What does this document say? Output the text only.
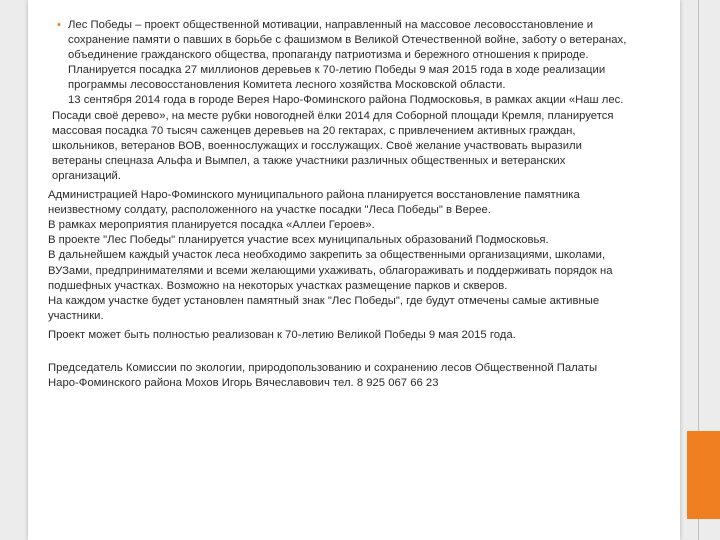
• Лес Победы – проект общественной мотивации, направленный на массовое лесовосстановление и сохранение памяти о павших в борьбе с фашизмом в Великой Отечественной войне, заботу о ветеранах, объединение гражданского общества, пропаганду патриотизма и бережного отношения к природе.

Планируется посадка 27 миллионов деревьев к 70-летию Победы 9 мая 2015 года в ходе реализации программы лесовосстановления Комитета лесного хозяйства Московской области.

13 сентября 2014 года в городе Верея Наро-Фоминского района Подмосковья, в рамках акции «Наш лес. Посади своё дерево», на месте рубки новогодней ёлки 2014 для Соборной площади Кремля, планируется массовая посадка 70 тысяч саженцев деревьев на 20 гектарах, с привлечением активных граждан, школьников, ветеранов ВОВ, военнослужащих и госслужащих. Своё желание участвовать выразили ветераны спецназа Альфа и Вымпел, а также участники различных общественных и ветеранских организаций.

Администрацией Наро-Фоминского муниципального района планируется восстановление памятника неизвестному солдату, расположенного на участке посадки "Леса Победы" в Верее.

В рамках мероприятия планируется посадка «Аллеи Героев».

В проекте "Лес Победы" планируется участие всех муниципальных образований Подмосковья.

В дальнейшем каждый участок леса необходимо закрепить за общественными организациями, школами, ВУЗами, предпринимателями и всеми желающими ухаживать, облагораживать и поддерживать порядок на подшефных участках. Возможно на некоторых участках размещение парков и скверов.

На каждом участке будет установлен памятный знак "Лес Победы", где будут отмечены самые активные участники.

Проект может быть полностью реализован к 70-летию Великой Победы 9 мая 2015 года.

Председатель Комиссии по экологии, природопользованию и сохранению лесов Общественной Палаты Наро-Фоминского района Мохов Игорь Вячеславович тел. 8 925 067 66 23
